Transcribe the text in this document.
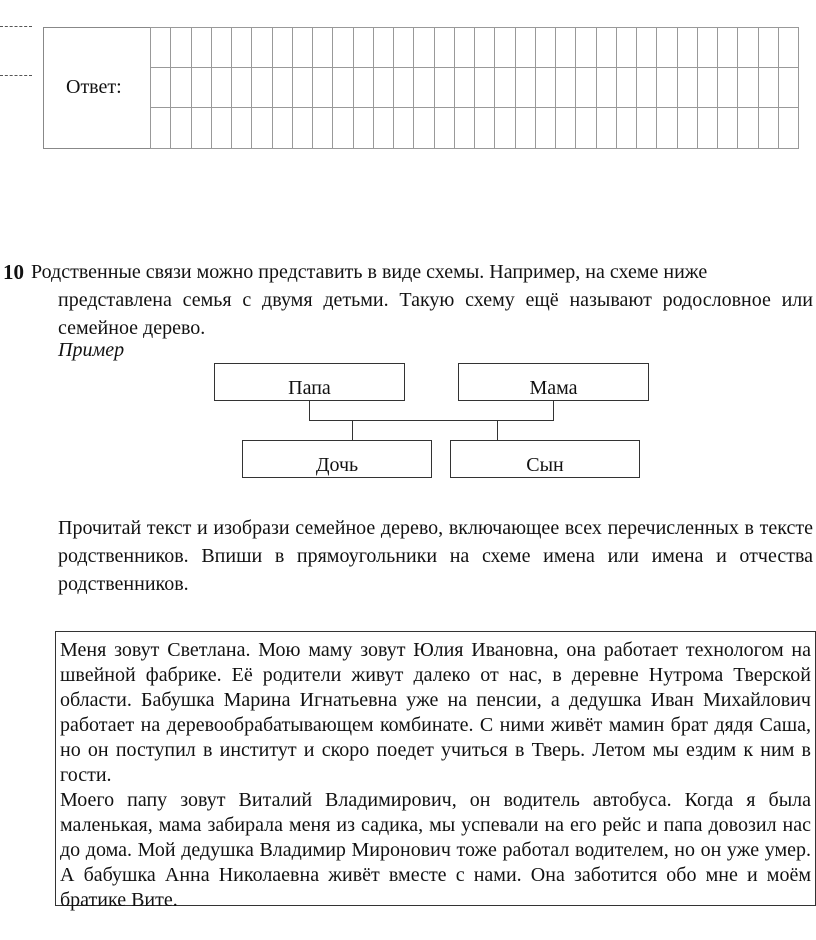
Ответ:
10 Родственные связи можно представить в виде схемы. Например, на схеме ниже
представлена семья с двумя детьми. Такую схему ещё называют родословное или семейное дерево.

Пример
Папа	Мама
Дочь	Сын

Прочитай текст и изобрази семейное дерево, включающее всех перечисленных в тексте родственников. Впиши в прямоугольники на схеме имена или имена и отчества родственников.

Меня зовут Светлана. Мою маму зовут Юлия Ивановна, она работает технологом на швейной фабрике. Её родители живут далеко от нас, в деревне Нутрома Тверской области. Бабушка Марина Игнатьевна уже на пенсии, а дедушка Иван Михайлович работает на деревообрабатывающем комбинате. С ними живёт мамин брат дядя Саша, но он поступил в институт и скоро поедет учиться в Тверь. Летом мы ездим к ним в гости.

Моего папу зовут Виталий Владимирович, он водитель автобуса. Когда я была маленькая, мама забирала меня из садика, мы успевали на его рейс и папа довозил нас до дома. Мой дедушка Владимир Миронович тоже работал водителем, но он уже умер. А бабушка Анна Николаевна живёт вместе с нами. Она заботится обо мне и моём братике Вите.
